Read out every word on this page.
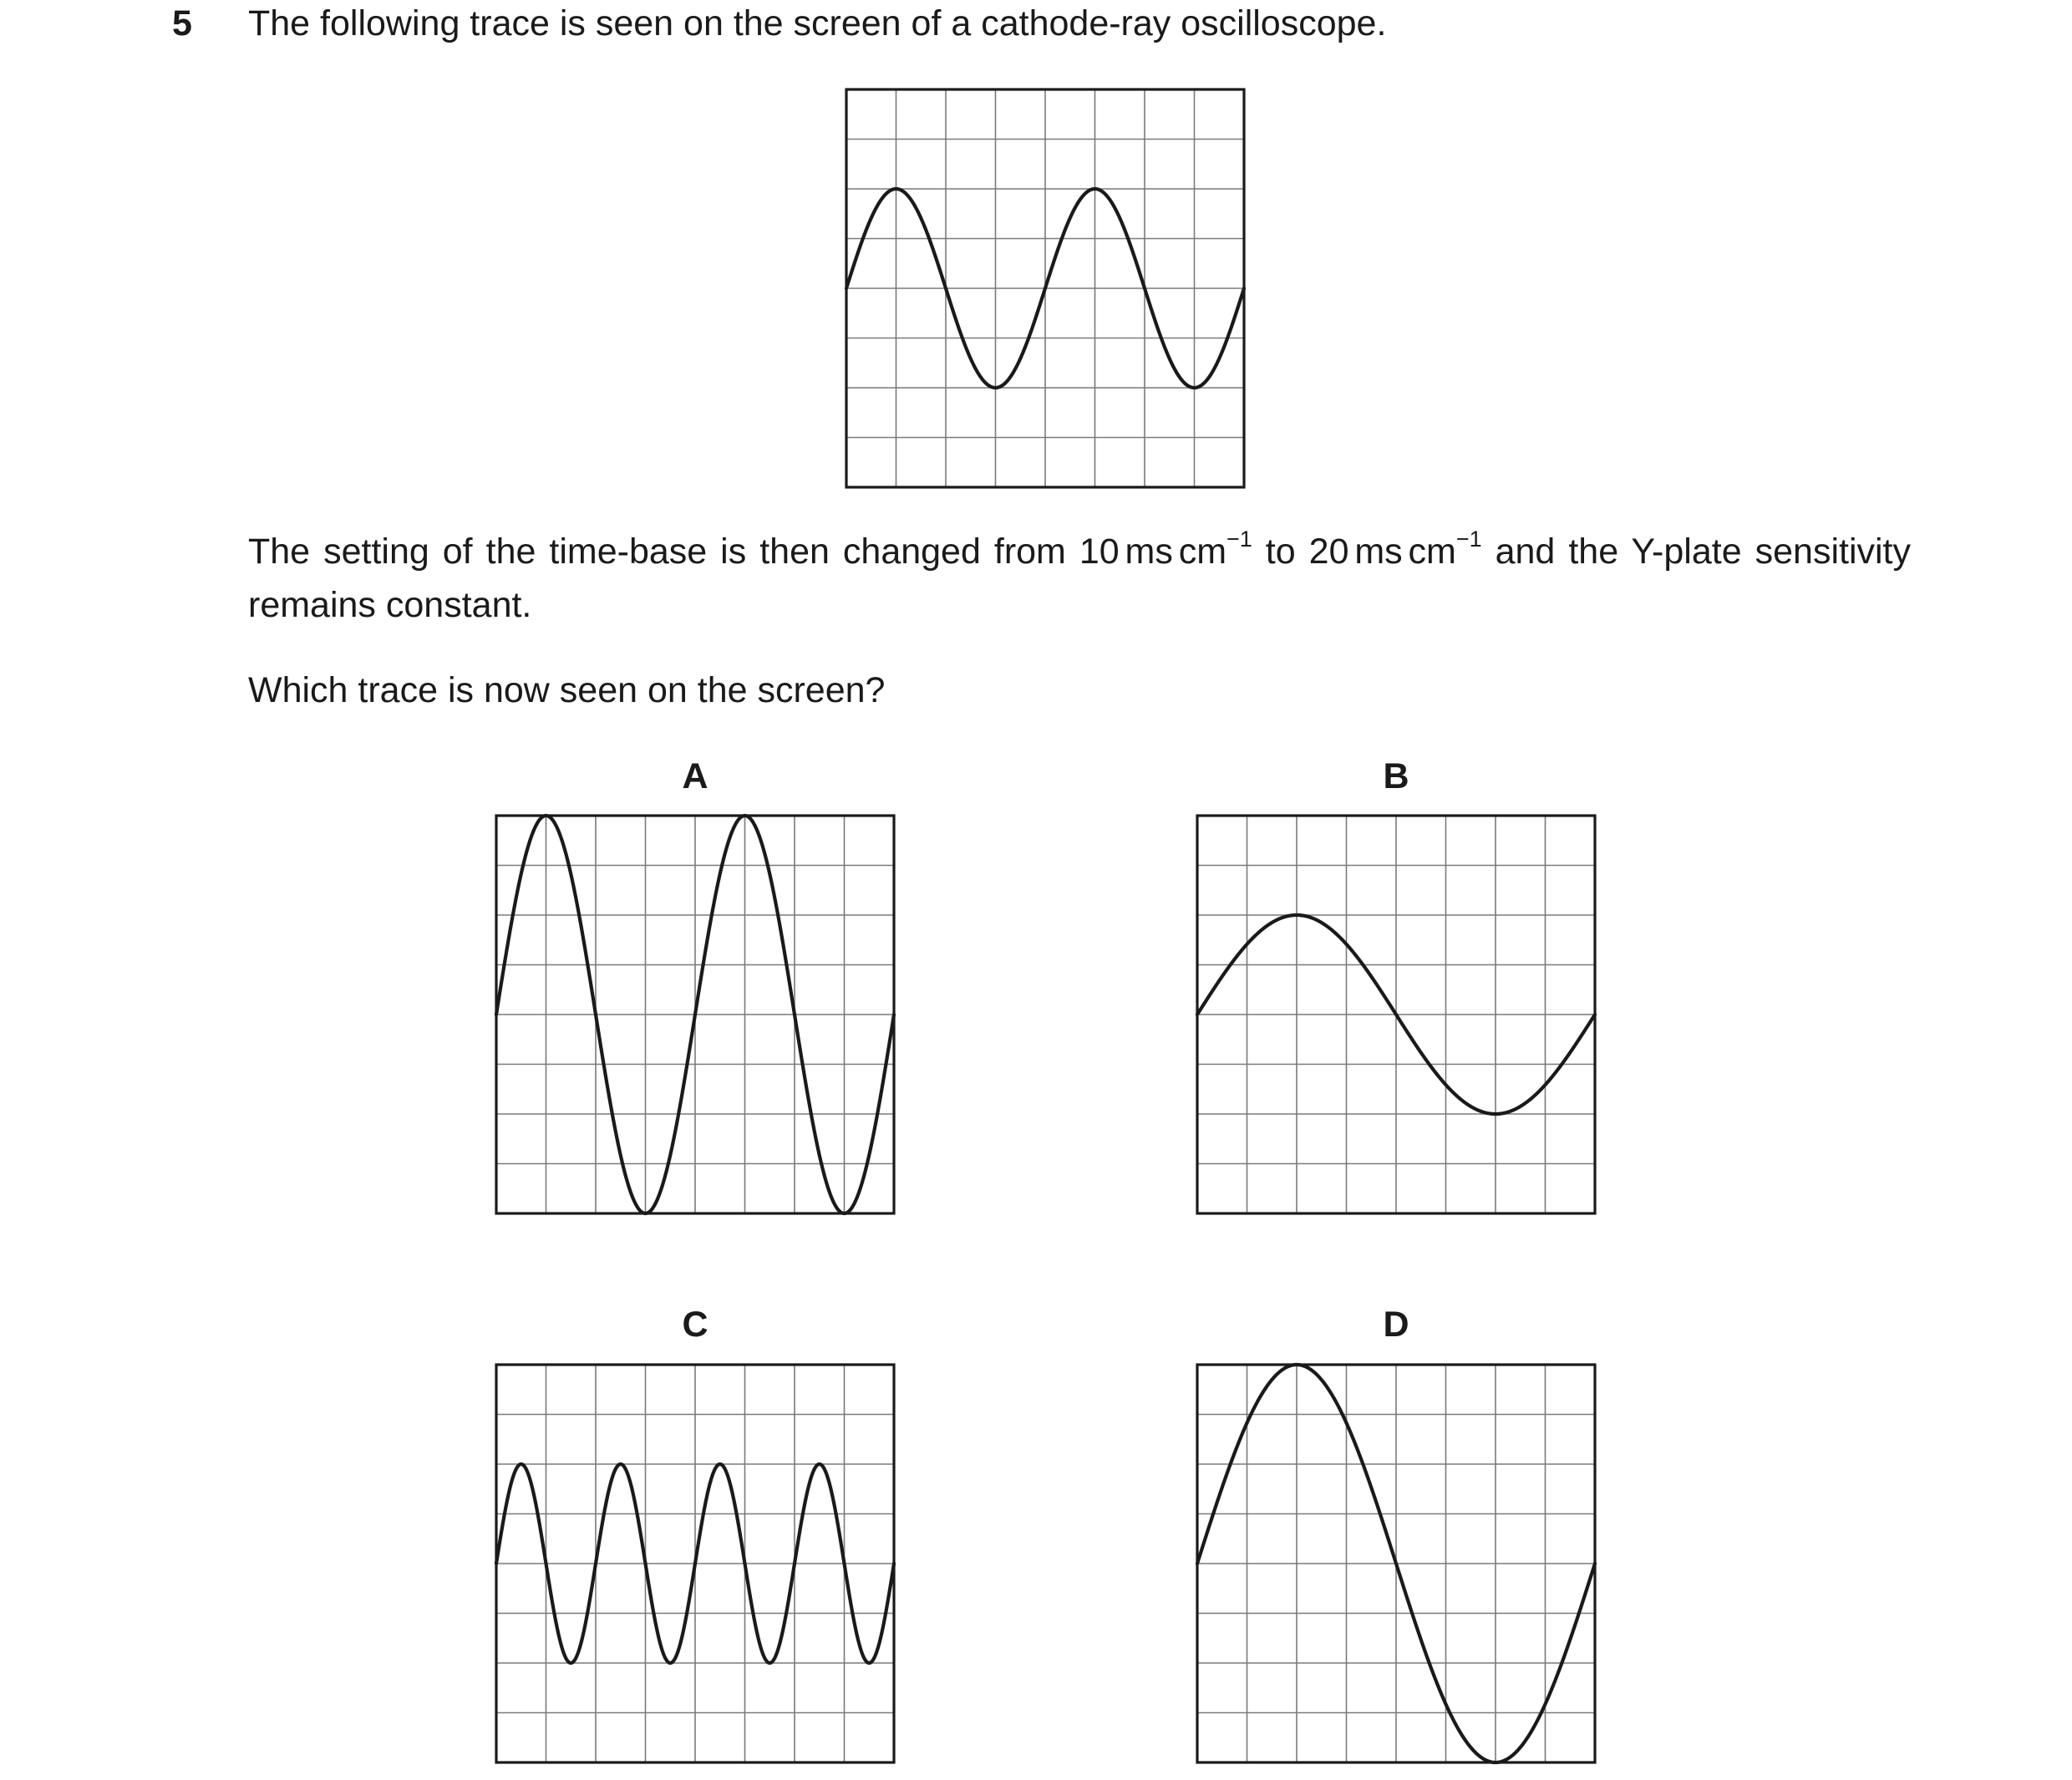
5 The following trace is seen on the screen of a cathode-ray oscilloscope.
The setting of the time-base is then changed from 10 ms $cm^{-1}$ to 20 ms $cm^{-1}$ and the Y-plate sensitivity remains constant.
Which trace is now seen on the screen?
A	B
C	D
